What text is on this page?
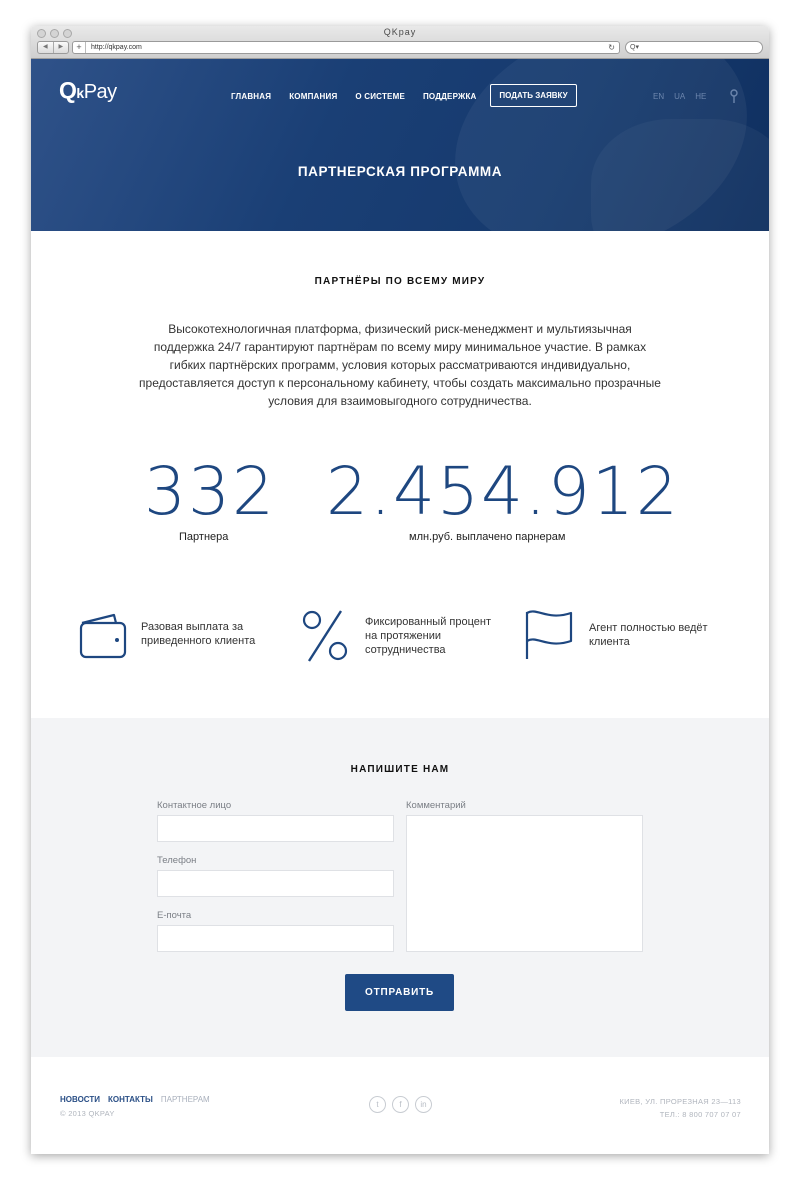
QKpay
◀	▶	+	http://qkpay.com	↻ Q▾
Q k Pay	ГЛАВНАЯ КОМПАНИЯ О СИСТЕМЕ ПОДДЕРЖКА	ПОДАТЬ ЗАЯВКУ	EN UA HE
ПАРТНЕРСКАЯ ПРОГРАММА
ПАРТНЁРЫ ПО ВСЕМУ МИРУ
Высокотехнологичная платформа, физический риск-менеджмент и мультиязычная поддержка 24/7 гарантируют партнёрам по всему миру минимальное участие. В рамках гибких партнёрских программ, условия которых рассматриваются индивидуально, предоставляется доступ к персональному кабинету, чтобы создать максимально прозрачные условия для взаимовыгодного сотрудничества.
332
Партнера
2.454.912
млн.руб. выплачено парнерам
Разовая выплата за приведенного клиента
Фиксированный процент на протяжении сотрудничества
Агент полностью ведёт клиента
НАПИШИТЕ НАМ
Контактное лицо
Телефон
Е-почта
Комментарий
ОТПРАВИТЬ
НОВОСТИ КОНТАКТЫ ПАРТНЕРАМ
© 2013 QKPAY
t	f	in	КИЕВ, УЛ. ПРОРЕЗНАЯ 23—113
ТЕЛ.: 8 800 707 07 07
